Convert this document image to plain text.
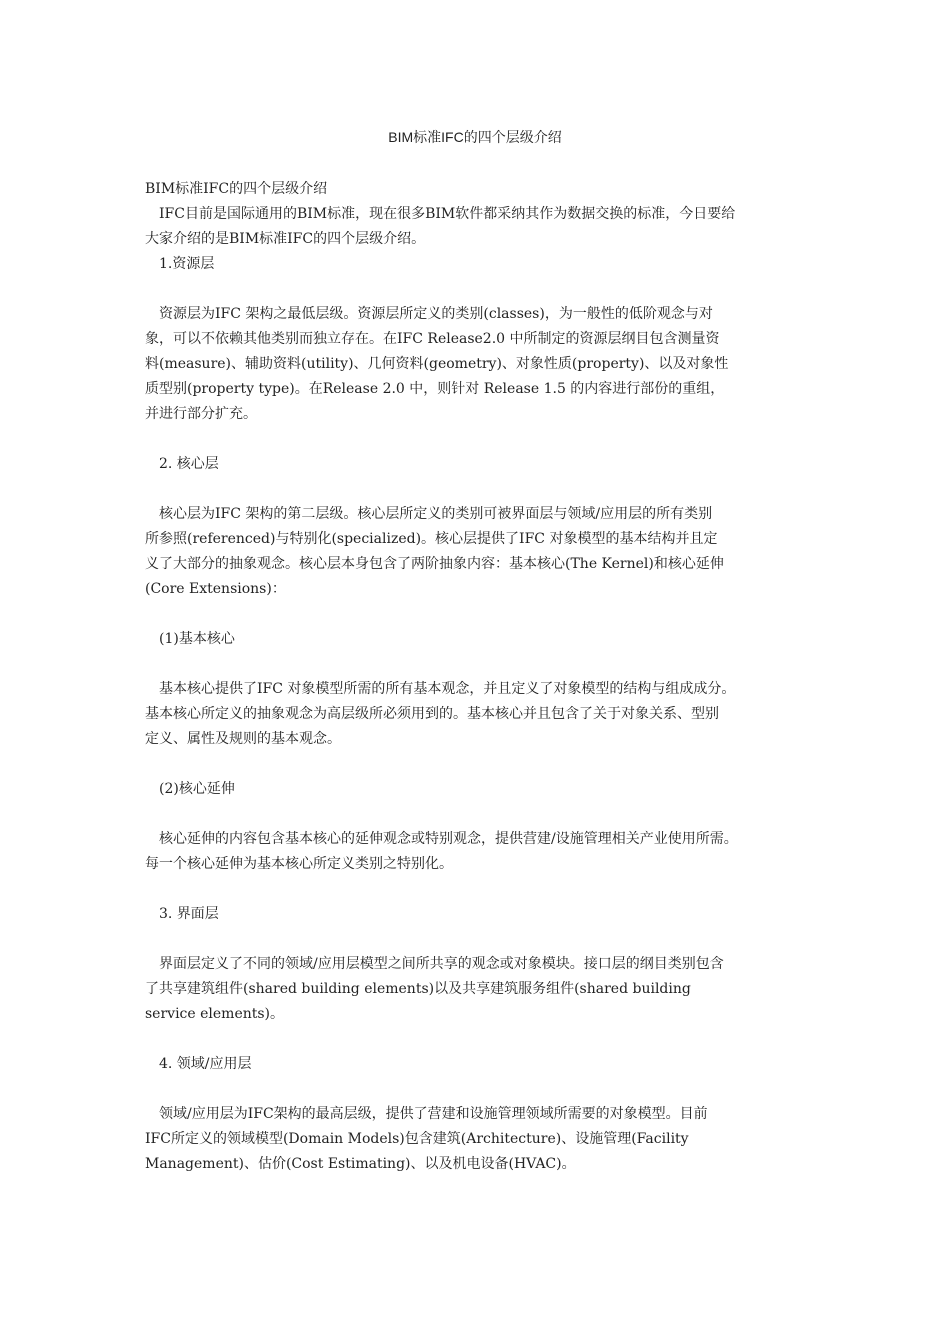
BIM标准IFC的四个层级介绍

BIM标准IFC的四个层级介绍

IFC目前是国际通用的BIM标准，现在很多BIM软件都采纳其作为数据交换的标准，今日要给

大家介绍的是BIM标准IFC的四个层级介绍。

1.资源层

资源层为IFC 架构之最低层级。资源层所定义的类别(classes)，为一般性的低阶观念与对

象，可以不依赖其他类别而独立存在。在IFC Release2.0 中所制定的资源层纲目包含测量资

料(measure)、辅助资料(utility)、几何资料(geometry)、对象性质(property)、以及对象性

质型别(property type)。在Release 2.0 中，则针对 Release 1.5 的内容进行部份的重组，

并进行部分扩充。

2. 核心层

核心层为IFC 架构的第二层级。核心层所定义的类别可被界面层与领域/应用层的所有类别

所参照(referenced)与特别化(specialized)。核心层提供了IFC 对象模型的基本结构并且定

义了大部分的抽象观念。核心层本身包含了两阶抽象内容：基本核心(The Kernel)和核心延伸

(Core Extensions)：

(1)基本核心

基本核心提供了IFC 对象模型所需的所有基本观念，并且定义了对象模型的结构与组成成分。

基本核心所定义的抽象观念为高层级所必须用到的。基本核心并且包含了关于对象关系、型别

定义、属性及规则的基本观念。

(2)核心延伸

核心延伸的内容包含基本核心的延伸观念或特别观念，提供营建/设施管理相关产业使用所需。

每一个核心延伸为基本核心所定义类别之特别化。

3. 界面层

界面层定义了不同的领域/应用层模型之间所共享的观念或对象模块。接口层的纲目类别包含

了共享建筑组件(shared building elements)以及共享建筑服务组件(shared building

service elements)。

4. 领域/应用层

领域/应用层为IFC架构的最高层级，提供了营建和设施管理领域所需要的对象模型。目前

IFC所定义的领域模型(Domain Models)包含建筑(Architecture)、设施管理(Facility

Management)、估价(Cost Estimating)、以及机电设备(HVAC)。
